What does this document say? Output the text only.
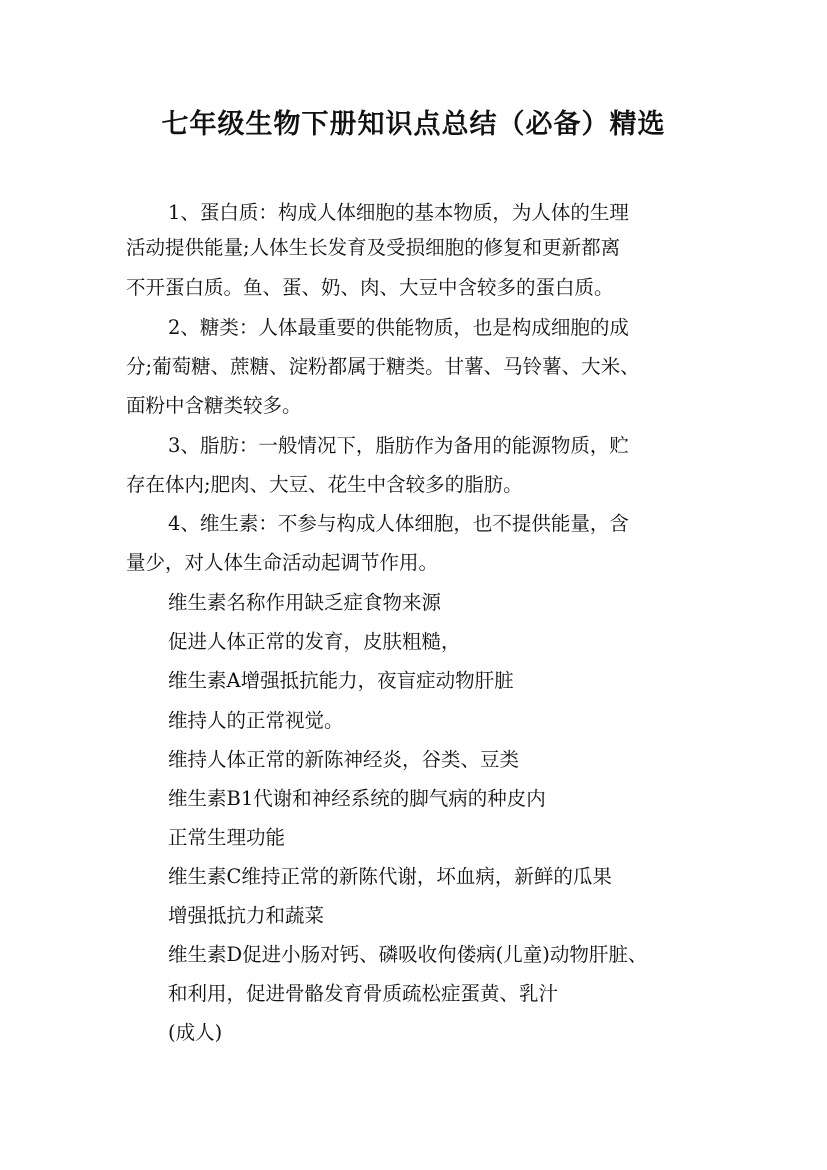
七年级生物下册知识点总结（必备）精选

1、蛋白质：构成人体细胞的基本物质，为人体的生理

活动提供能量;人体生长发育及受损细胞的修复和更新都离

不开蛋白质。鱼、蛋、奶、肉、大豆中含较多的蛋白质。

2、糖类：人体最重要的供能物质，也是构成细胞的成

分;葡萄糖、蔗糖、淀粉都属于糖类。甘薯、马铃薯、大米、

面粉中含糖类较多。

3、脂肪：一般情况下，脂肪作为备用的能源物质，贮

存在体内;肥肉、大豆、花生中含较多的脂肪。

4、维生素：不参与构成人体细胞，也不提供能量，含

量少，对人体生命活动起调节作用。

维生素名称作用缺乏症食物来源

促进人体正常的发育，皮肤粗糙，

维生素A增强抵抗能力，夜盲症动物肝脏

维持人的正常视觉。

维持人体正常的新陈神经炎，谷类、豆类

维生素B1代谢和神经系统的脚气病的种皮内

正常生理功能

维生素C维持正常的新陈代谢，坏血病，新鲜的瓜果

增强抵抗力和蔬菜

维生素D促进小肠对钙、磷吸收佝偻病(儿童)动物肝脏、

和利用，促进骨骼发育骨质疏松症蛋黄、乳汁

(成人)
